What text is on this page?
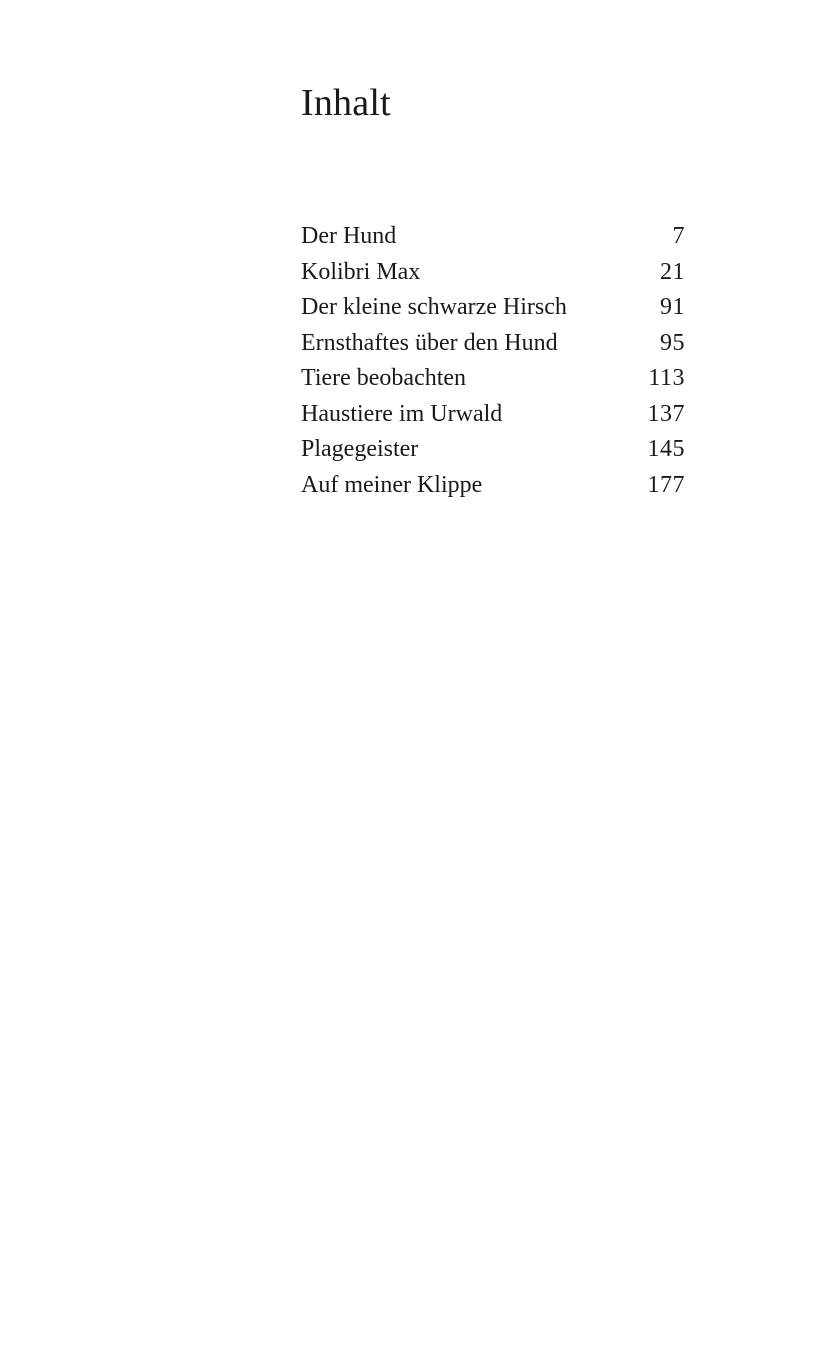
Inhalt
Der Hund	7
Kolibri Max	21
Der kleine schwarze Hirsch	91
Ernsthaftes über den Hund	95
Tiere beobachten	113
Haustiere im Urwald	137
Plagegeister	145
Auf meiner Klippe	177
